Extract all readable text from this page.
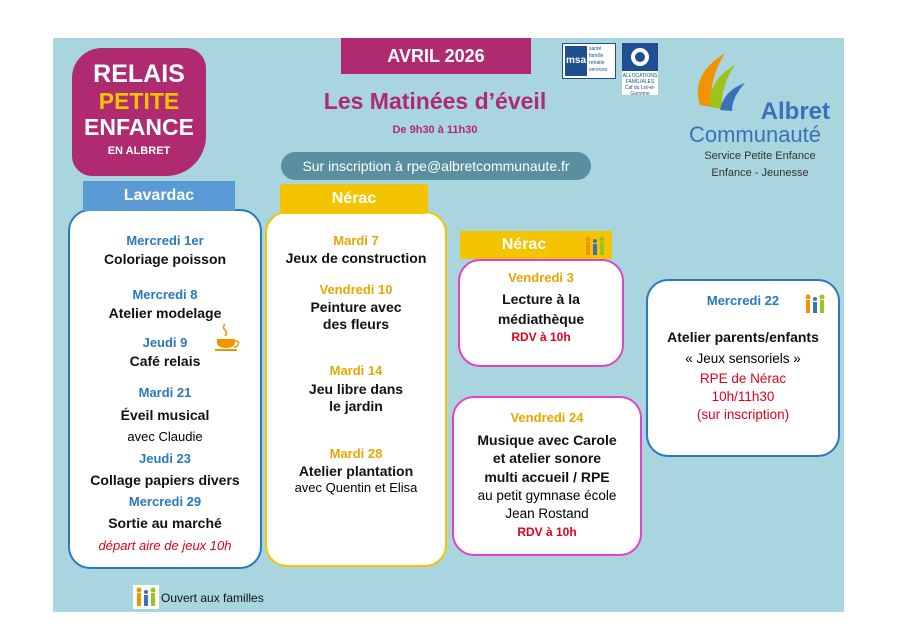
RELAIS
PETITE
ENFANCE
EN ALBRET
AVRIL 2026
Les Matinées d’éveil
De 9h30 à 11h30
Sur inscription à rpe@albretcommunaute.fr
msa
santé famille retraite services
ALLOCATIONS FAMILIALES Caf du Lot-et-Garonne
Albret
Communauté
Service Petite Enfance
Enfance - Jeunesse
Mercredi 1er
Coloriage poisson
Mercredi 8
Atelier modelage
Jeudi 9
Café relais
Mardi 21
Éveil musical
avec Claudie
Jeudi 23
Collage papiers divers
Mercredi 29
Sortie au marché
départ aire de jeux 10h
Lavardac
Mardi 7
Jeux de construction
Vendredi 10
Peinture avec
des fleurs
Mardi 14
Jeu libre dans
le jardin
Mardi 28
Atelier plantation
avec Quentin et Elisa
Nérac
Nérac
Vendredi 3
Lecture à la
médiathèque
RDV à 10h
Vendredi 24
Musique avec Carole
et atelier sonore
multi accueil / RPE
au petit gymnase école
Jean Rostand
RDV à 10h
Mercredi 22
Atelier parents/enfants
« Jeux sensoriels »
RPE de Nérac
10h/11h30
(sur inscription)
Ouvert aux familles
